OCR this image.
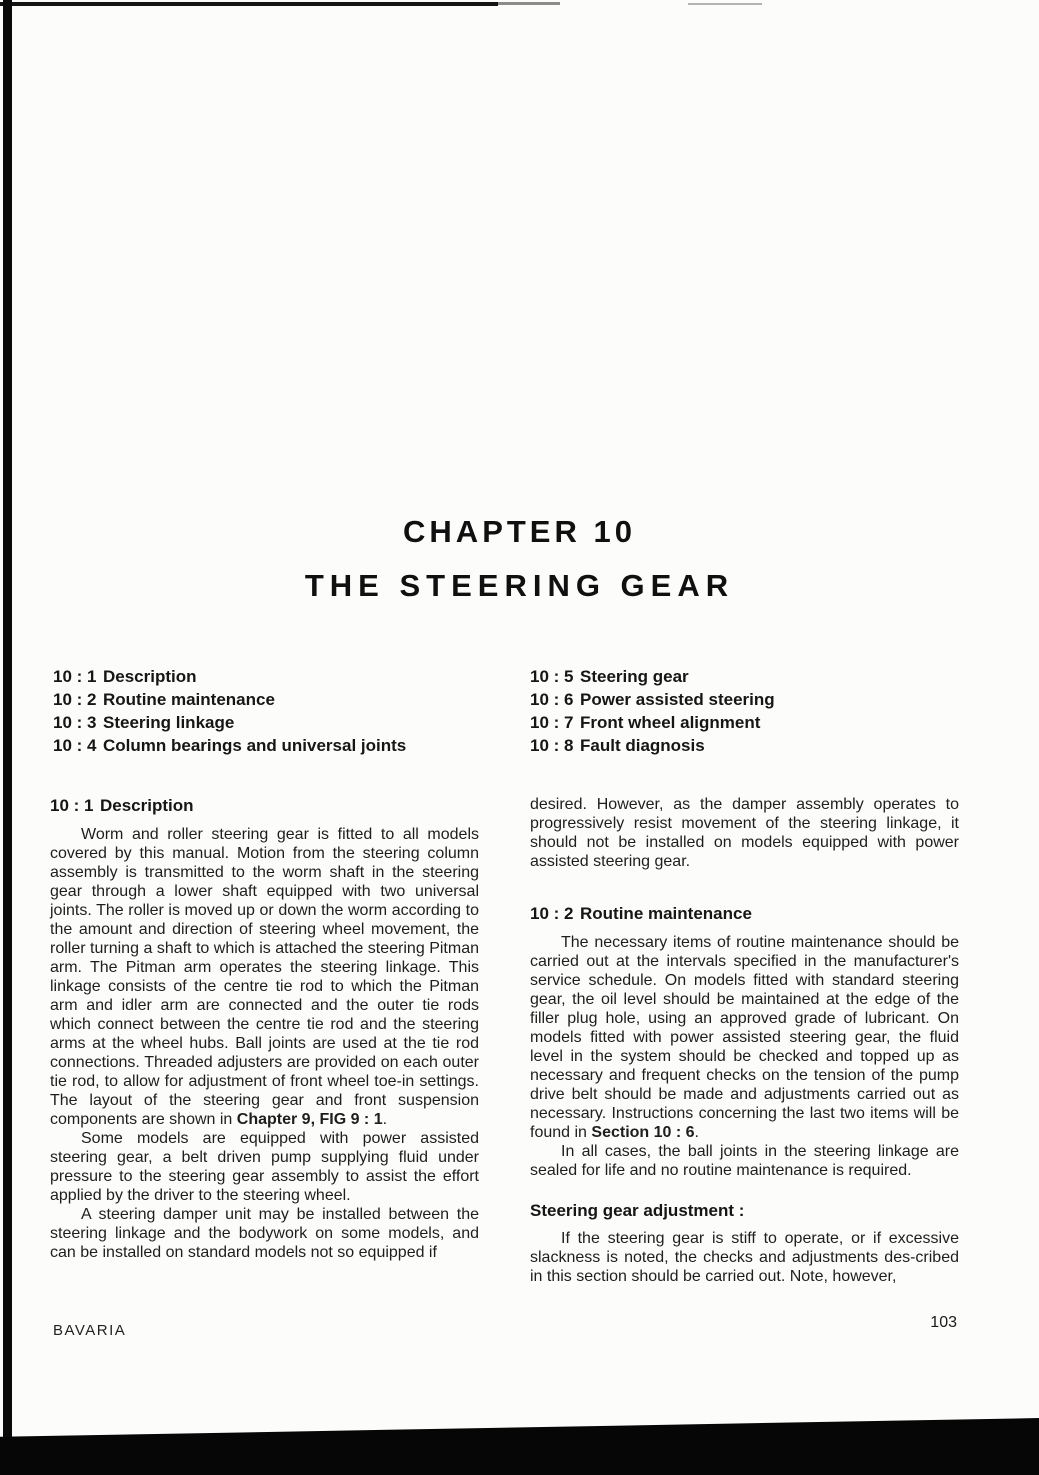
CHAPTER 10
THE STEERING GEAR
10 : 1 Description
10 : 2 Routine maintenance
10 : 3 Steering linkage
10 : 4 Column bearings and universal joints
10 : 5 Steering gear
10 : 6 Power assisted steering
10 : 7 Front wheel alignment
10 : 8 Fault diagnosis
10 : 1 Description
Worm and roller steering gear is fitted to all models covered by this manual. Motion from the steering column assembly is transmitted to the worm shaft in the steering gear through a lower shaft equipped with two universal joints. The roller is moved up or down the worm according to the amount and direction of steering wheel movement, the roller turning a shaft to which is attached the steering Pitman arm. The Pitman arm operates the steering linkage. This linkage consists of the centre tie rod to which the Pitman arm and idler arm are connected and the outer tie rods which connect between the centre tie rod and the steering arms at the wheel hubs. Ball joints are used at the tie rod connections. Threaded adjusters are provided on each outer tie rod, to allow for adjustment of front wheel toe-in settings. The layout of the steering gear and front suspension components are shown in Chapter 9, FIG 9 : 1.
Some models are equipped with power assisted steering gear, a belt driven pump supplying fluid under pressure to the steering gear assembly to assist the effort applied by the driver to the steering wheel.
A steering damper unit may be installed between the steering linkage and the bodywork on some models, and can be installed on standard models not so equipped if
desired. However, as the damper assembly operates to progressively resist movement of the steering linkage, it should not be installed on models equipped with power assisted steering gear.
10 : 2 Routine maintenance
The necessary items of routine maintenance should be carried out at the intervals specified in the manufacturer's service schedule. On models fitted with standard steering gear, the oil level should be maintained at the edge of the filler plug hole, using an approved grade of lubricant. On models fitted with power assisted steering gear, the fluid level in the system should be checked and topped up as necessary and frequent checks on the tension of the pump drive belt should be made and adjustments carried out as necessary. Instructions concerning the last two items will be found in Section 10 : 6.
In all cases, the ball joints in the steering linkage are sealed for life and no routine maintenance is required.
Steering gear adjustment :
If the steering gear is stiff to operate, or if excessive slackness is noted, the checks and adjustments des-cribed in this section should be carried out. Note, however,
BAVARIA	103
